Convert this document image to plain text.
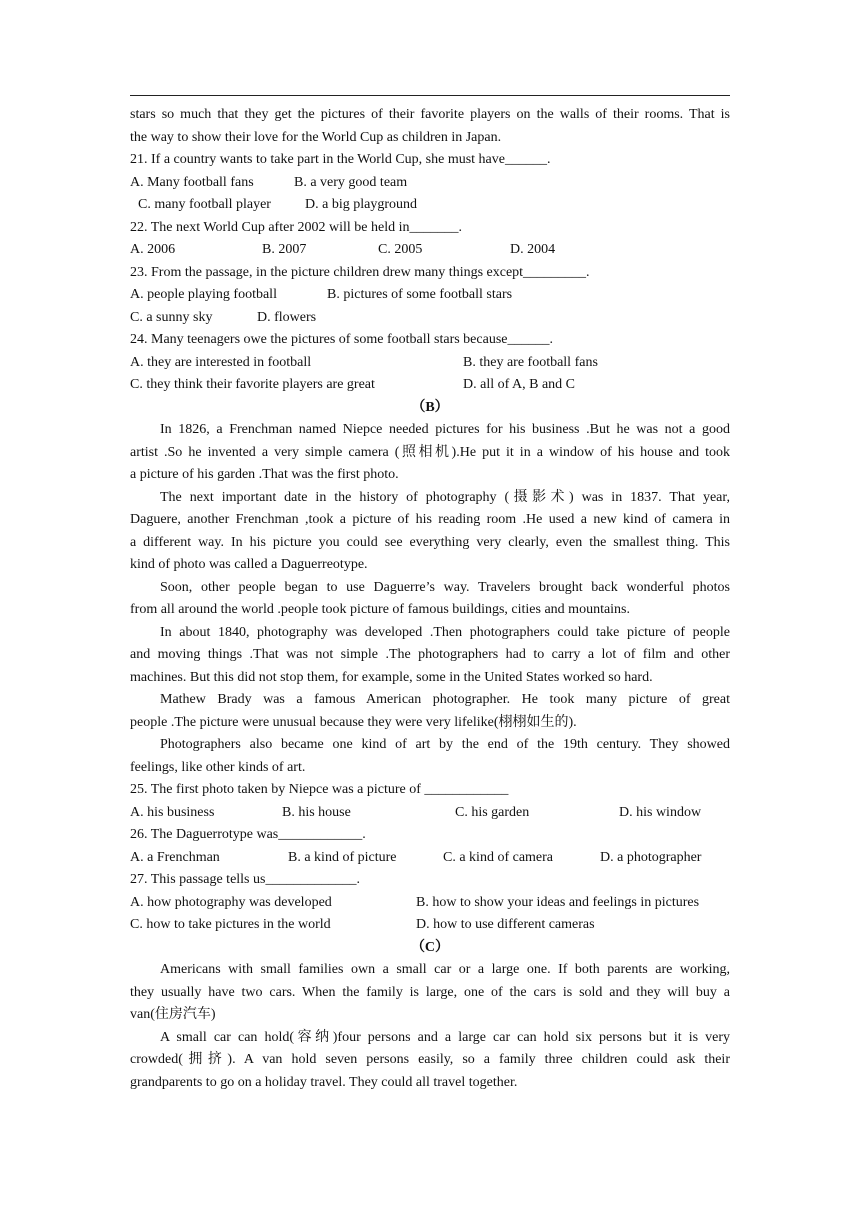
stars so much that they get the pictures of their favorite players on the walls of their rooms. That is
the way to show their love for the World Cup as children in Japan.
21. If a country wants to take part in the World Cup, she must have______.
A. Many football fans	B. a very good team
C. many football player D. a big playground
22. The next World Cup after 2002 will be held in_______.
A. 2006	B. 2007	C. 2005	D. 2004
23. From the passage, in the picture children drew many things except_________.
A. people playing football	B. pictures of some football stars
C. a sunny sky	D. flowers
24. Many teenagers owe the pictures of some football stars because______.
A. they are interested in football	B. they are football fans
C. they think their favorite players are great	D. all of A, B and C
（B）
In 1826, a Frenchman named Niepce needed pictures for his business .But he was not a good
artist .So he invented a very simple camera (照相机).He put it in a window of his house and took
a picture of his garden .That was the first photo.
The next important date in the history of photography (摄影术) was in 1837. That year,
Daguere, another Frenchman ,took a picture of his reading room .He used a new kind of camera in
a different way. In his picture you could see everything very clearly, even the smallest thing. This
kind of photo was called a Daguerreotype.
Soon, other people began to use Daguerre’s way. Travelers brought back wonderful photos
from all around the world .people took picture of famous buildings, cities and mountains.
In about 1840, photography was developed .Then photographers could take picture of people
and moving things .That was not simple .The photographers had to carry a lot of film and other
machines. But this did not stop them, for example, some in the United States worked so hard.
Mathew Brady was a famous American photographer. He took many picture of great
people .The picture were unusual because they were very lifelike(栩栩如生的).
Photographers also became one kind of art by the end of the 19th century. They showed
feelings, like other kinds of art.
25. The first photo taken by Niepce was a picture of ____________
A. his business	B. his house	C. his garden	D. his window
26. The Daguerrotype was____________.
A. a Frenchman	B. a kind of picture	C. a kind of camera	D. a photographer
27. This passage tells us_____________.
A. how photography was developed	B. how to show your ideas and feelings in pictures
C. how to take pictures in the world	D. how to use different cameras
（C）
Americans with small families own a small car or a large one. If both parents are working,
they usually have two cars. When the family is large, one of the cars is sold and they will buy a
van(住房汽车)
A small car can hold(容纳)four persons and a large car can hold six persons but it is very
crowded(拥挤). A van hold seven persons easily, so a family three children could ask their
grandparents to go on a holiday travel. They could all travel together.
